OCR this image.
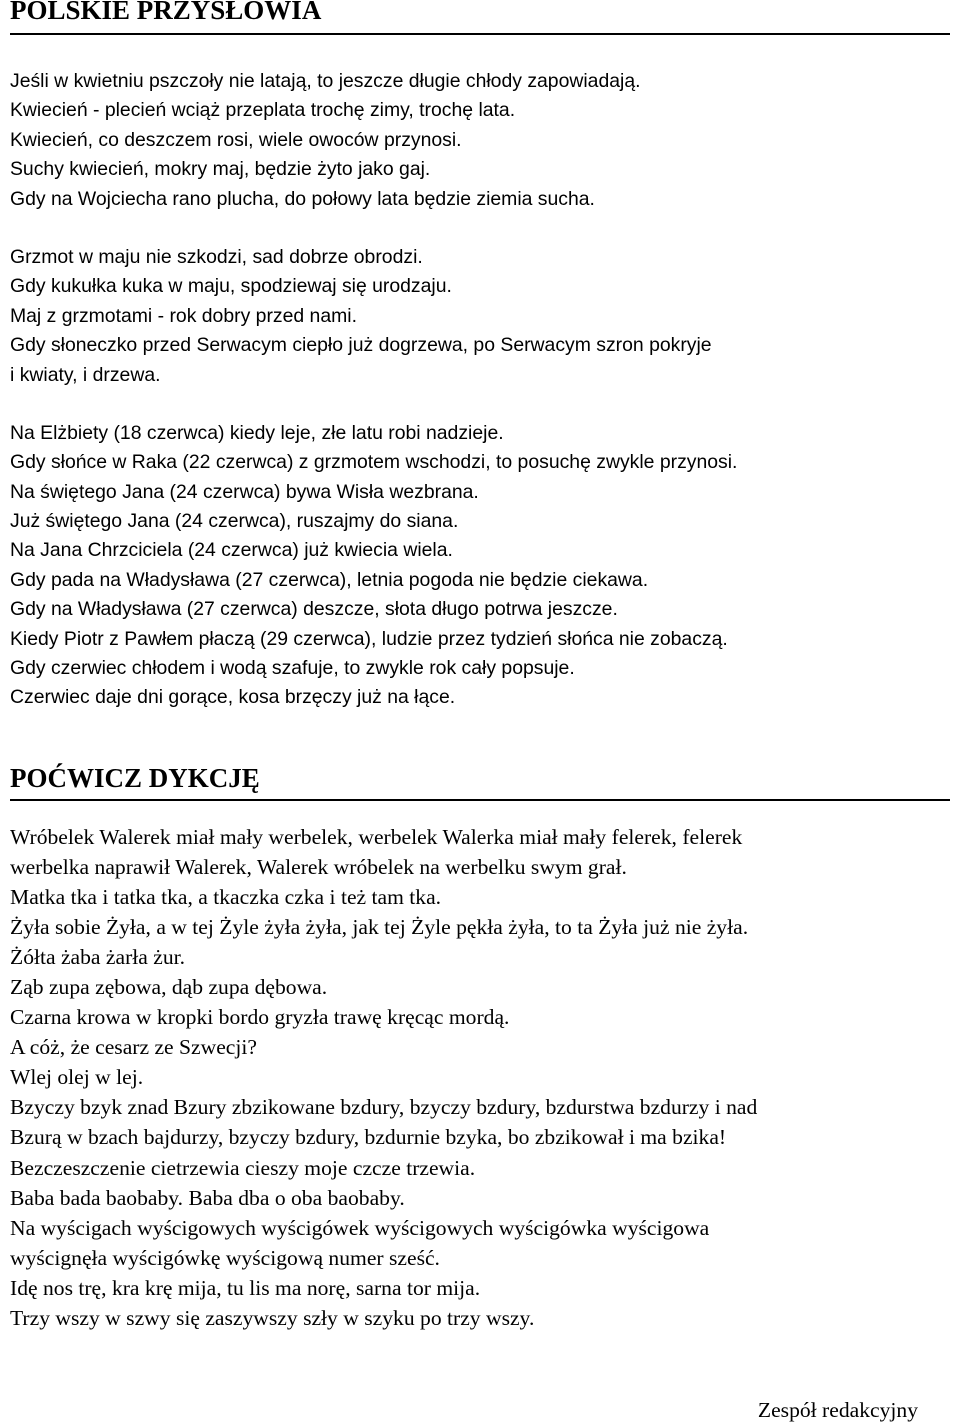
POLSKIE PRZYSŁOWIA
Jeśli w kwietniu pszczoły nie latają, to jeszcze długie chłody zapowiadają.
Kwiecień - plecień wciąż przeplata trochę zimy, trochę lata.
Kwiecień, co deszczem rosi, wiele owoców przynosi.
Suchy kwiecień, mokry maj, będzie żyto jako gaj.
Gdy na Wojciecha rano plucha, do połowy lata będzie ziemia sucha.
Grzmot w maju nie szkodzi, sad dobrze obrodzi.
Gdy kukułka kuka w maju, spodziewaj się urodzaju.
Maj z grzmotami - rok dobry przed nami.
Gdy słoneczko przed Serwacym ciepło już dogrzewa, po Serwacym szron pokryje
i kwiaty, i drzewa.
Na Elżbiety (18 czerwca) kiedy leje, złe latu robi nadzieje.
Gdy słońce w Raka (22 czerwca) z grzmotem wschodzi, to posuchę zwykle przynosi.
Na świętego Jana (24 czerwca) bywa Wisła wezbrana.
Już świętego Jana (24 czerwca), ruszajmy do siana.
Na Jana Chrzciciela (24 czerwca) już kwiecia wiela.
Gdy pada na Władysława (27 czerwca), letnia pogoda nie będzie ciekawa.
Gdy na Władysława (27 czerwca) deszcze, słota długo potrwa jeszcze.
Kiedy Piotr z Pawłem płaczą (29 czerwca), ludzie przez tydzień słońca nie zobaczą.
Gdy czerwiec chłodem i wodą szafuje, to zwykle rok cały popsuje.
Czerwiec daje dni gorące, kosa brzęczy już na łące.
POĆWICZ DYKCJĘ
Wróbelek Walerek miał mały werbelek, werbelek Walerka miał mały felerek, felerek
werbelka naprawił Walerek, Walerek wróbelek na werbelku swym grał.
Matka tka i tatka tka, a tkaczka czka i też tam tka.
Żyła sobie Żyła, a w tej Żyle żyła żyła, jak tej Żyle pękła żyła, to ta Żyła już nie żyła.
Żółta żaba żarła żur.
Ząb zupa zębowa, dąb zupa dębowa.
Czarna krowa w kropki bordo gryzła trawę kręcąc mordą.
A cóż, że cesarz ze Szwecji?
Wlej olej w lej.
Bzyczy bzyk znad Bzury zbzikowane bzdury, bzyczy bzdury, bzdurstwa bzdurzy i nad
Bzurą w bzach bajdurzy, bzyczy bzdury, bzdurnie bzyka, bo zbzikował i ma bzika!
Bezczeszczenie cietrzewia cieszy moje czcze trzewia.
Baba bada baobaby. Baba dba o oba baobaby.
Na wyścigach wyścigowych wyścigówek wyścigowych wyścigówka wyścigowa
wyścignęła wyścigówkę wyścigową numer sześć.
Idę nos trę, kra krę mija, tu lis ma norę, sarna tor mija.
Trzy wszy w szwy się zaszywszy szły w szyku po trzy wszy.
Zespół redakcyjny
